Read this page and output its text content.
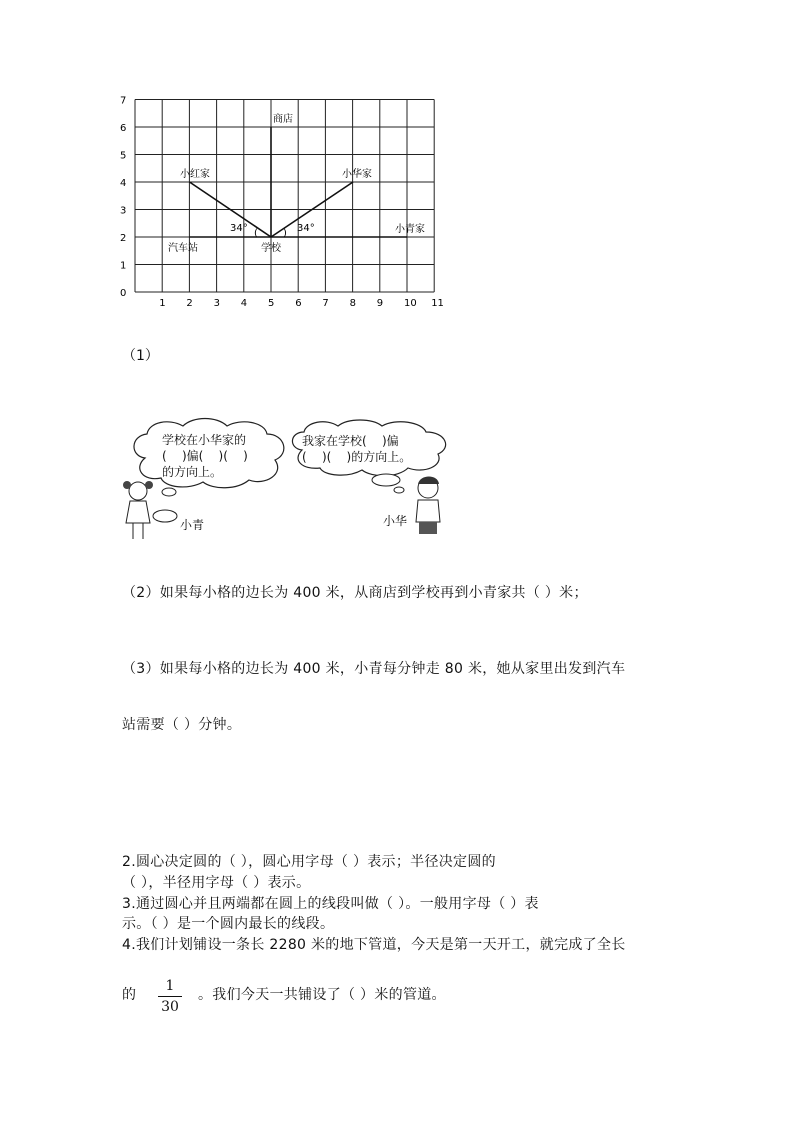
0
1
2
3
4
5
6
7
1 2 3 4 5 6 7 8 9 10 11
商店
小红家	小华家
小青家
汽车站	学校
34°	34°
(	)
（1）
学校在小华家的
(    )偏(    )(    )
的方向上。
小青
我家在学校(    )偏
(    )(    )的方向上。
小华
（2）如果每小格的边长为 400 米，从商店到学校再到小青家共（ ）米；
（3）如果每小格的边长为 400 米，小青每分钟走 80 米，她从家里出发到汽车
站需要（ ）分钟。
2.圆心决定圆的（ ），圆心用字母（ ）表示；半径决定圆的
（ ），半径用字母（ ）表示。
3.通过圆心并且两端都在圆上的线段叫做（ ）。一般用字母（ ）表
示。（ ）是一个圆内最长的线段。
4.我们计划铺设一条长 2280 米的地下管道，今天是第一天开工，就完成了全长
的
1
30
。我们今天一共铺设了（ ）米的管道。
